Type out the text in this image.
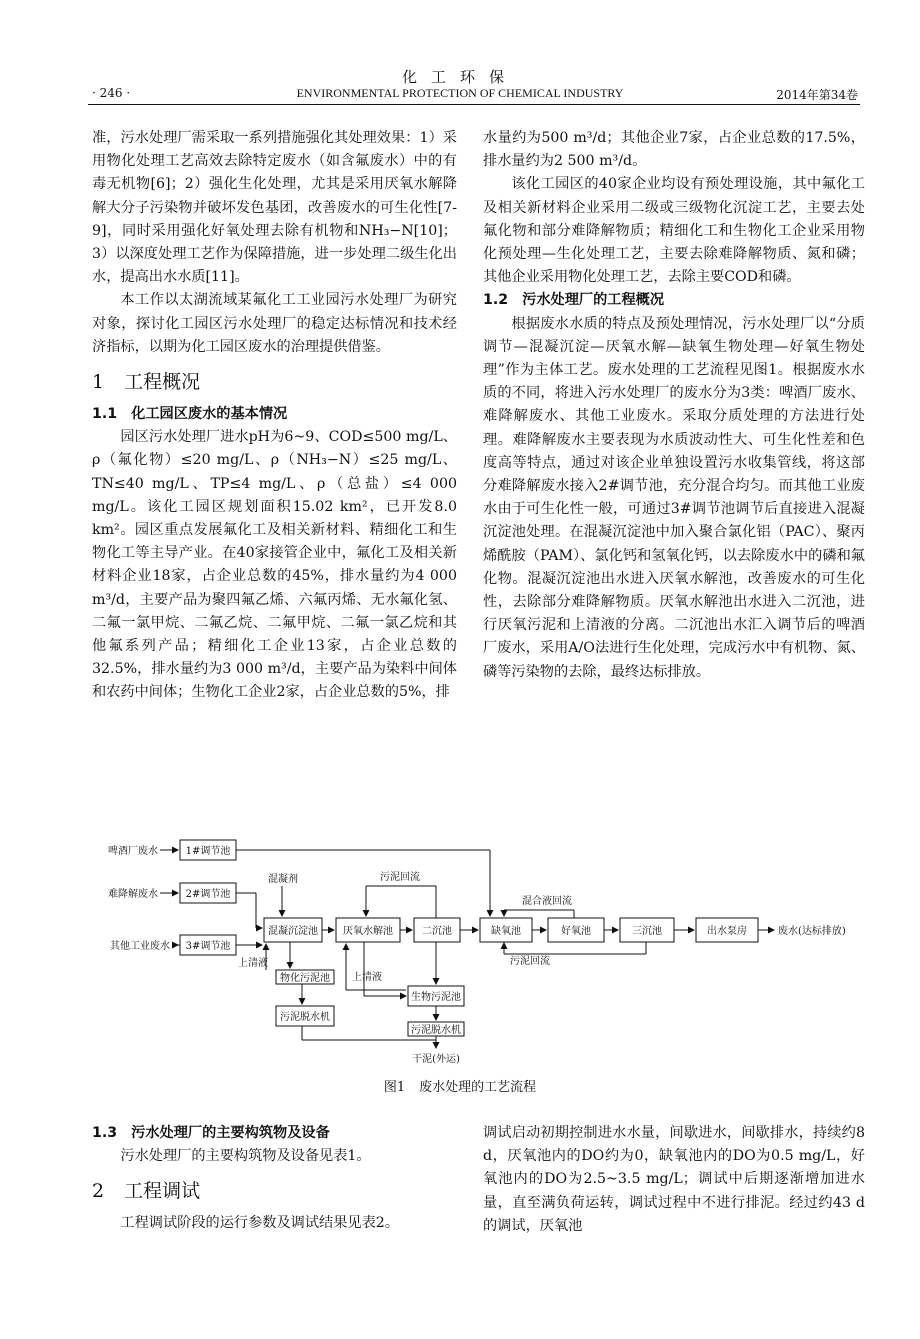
化工环保
· 246 ·	ENVIRONMENTAL PROTECTION OF CHEMICAL INDUSTRY	2014年第34卷

准，污水处理厂需采取一系列措施强化其处理效果：1）采用物化处理工艺高效去除特定废水（如含氟废水）中的有毒无机物[6]；2）强化生化处理，尤其是采用厌氧水解降解大分子污染物并破坏发色基团，改善废水的可生化性[7-9]，同时采用强化好氧处理去除有机物和NH₃−N[10]；3）以深度处理工艺作为保障措施，进一步处理二级生化出水，提高出水水质[11]。

本工作以太湖流域某氟化工工业园污水处理厂为研究对象，探讨化工园区污水处理厂的稳定达标情况和技术经济指标，以期为化工园区废水的治理提供借鉴。

1 工程概况
1.1 化工园区废水的基本情况

园区污水处理厂进水pH为6~9、COD≤500 mg/L、ρ（氟化物）≤20 mg/L、ρ（NH₃−N）≤25 mg/L、TN≤40 mg/L、TP≤4 mg/L、ρ（总盐）≤4 000 mg/L。该化工园区规划面积15.02 km²，已开发8.0 km²。园区重点发展氟化工及相关新材料、精细化工和生物化工等主导产业。在40家接管企业中，氟化工及相关新材料企业18家，占企业总数的45%，排水量约为4 000 m³/d，主要产品为聚四氟乙烯、六氟丙烯、无水氟化氢、二氟一氯甲烷、二氟乙烷、二氟甲烷、二氟一氯乙烷和其他氟系列产品；精细化工企业13家，占企业总数的32.5%，排水量约为3 000 m³/d，主要产品为染料中间体和农药中间体；生物化工企业2家，占企业总数的5%，排

水量约为500 m³/d；其他企业7家，占企业总数的17.5%，排水量约为2 500 m³/d。

该化工园区的40家企业均设有预处理设施，其中氟化工及相关新材料企业采用二级或三级物化沉淀工艺，主要去处氟化物和部分难降解物质；精细化工和生物化工企业采用物化预处理—生化处理工艺，主要去除难降解物质、氮和磷；其他企业采用物化处理工艺，去除主要COD和磷。

1.2 污水处理厂的工程概况

根据废水水质的特点及预处理情况，污水处理厂以“分质调节—混凝沉淀—厌氧水解—缺氧生物处理—好氧生物处理”作为主体工艺。废水处理的工艺流程见图1。根据废水水质的不同，将进入污水处理厂的废水分为3类：啤酒厂废水、难降解废水、其他工业废水。采取分质处理的方法进行处理。难降解废水主要表现为水质波动性大、可生化性差和色度高等特点，通过对该企业单独设置污水收集管线，将这部分难降解废水接入2#调节池，充分混合均匀。而其他工业废水由于可生化性一般，可通过3#调节池调节后直接进入混凝沉淀池处理。在混凝沉淀池中加入聚合氯化铝（PAC）、聚丙烯酰胺（PAM）、氯化钙和氢氧化钙，以去除废水中的磷和氟化物。混凝沉淀池出水进入厌氧水解池，改善废水的可生化性，去除部分难降解物质。厌氧水解池出水进入二沉池，进行厌氧污泥和上清液的分离。二沉池出水汇入调节后的啤酒厂废水，采用A/O法进行生化处理，完成污水中有机物、氮、磷等污染物的去除，最终达标排放。

啤酒厂废水
难降解废水
其他工业废水
1#调节池
2#调节池
3#调节池
混凝沉淀池	厌氧水解池	二沉池	缺氧池	好氧池	三沉池	出水泵房
物化污泥池
污泥脱水机
生物污泥池
污泥脱水机
混凝剂	污泥回流
混合液回流
污泥回流
上清液
上清液
废水(达标排放)
干泥(外运)
图1 废水处理的工艺流程
1.3 污水处理厂的主要构筑物及设备

污水处理厂的主要构筑物及设备见表1。

2 工程调试

工程调试阶段的运行参数及调试结果见表2。

调试启动初期控制进水水量，间歇进水，间歇排水，持续约8 d，厌氧池内的DO约为0，缺氧池内的DO为0.5 mg/L，好氧池内的DO为2.5~3.5 mg/L；调试中后期逐渐增加进水量，直至满负荷运转，调试过程中不进行排泥。经过约43 d的调试，厌氧池
